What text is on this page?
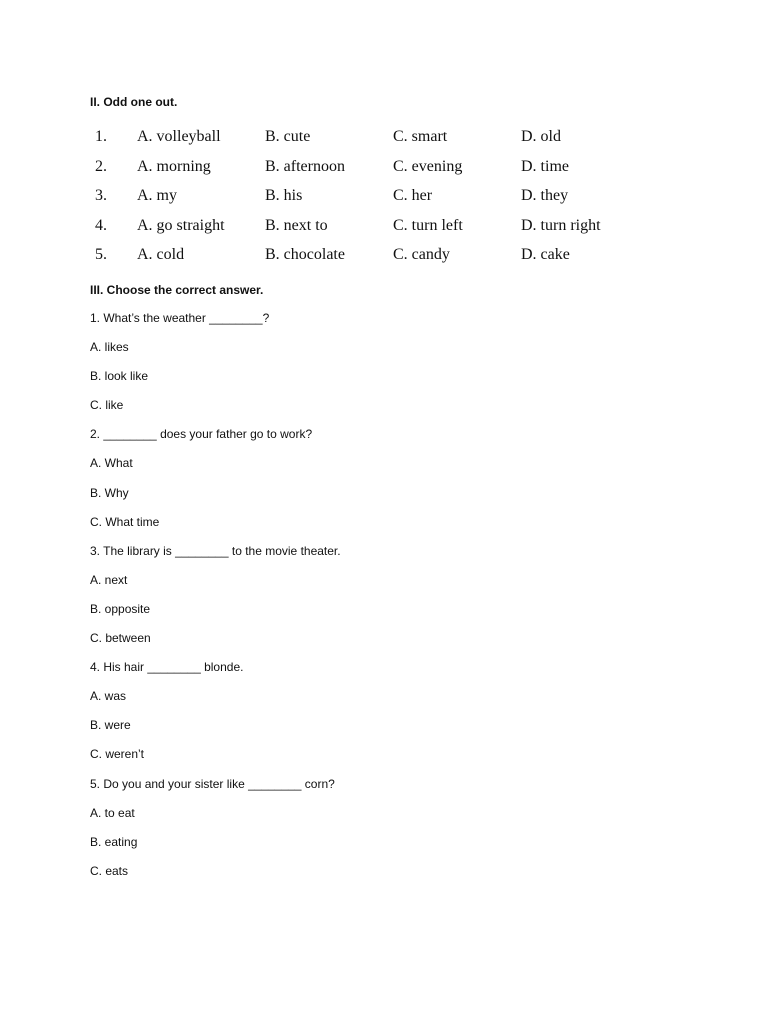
II. Odd one out.
1. A. volleyball	B. cute	C. smart	D. old
2. A. morning	B. afternoon	C. evening	D. time
3. A. my	B. his	C. her	D. they
4. A. go straight	B. next to	C. turn left	D. turn right
5. A. cold	B. chocolate	C. candy	D. cake
III. Choose the correct answer.
1. What’s the weather ________?
A. likes
B. look like
C. like
2. ________ does your father go to work?
A. What
B. Why
C. What time
3. The library is ________ to the movie theater.
A. next
B. opposite
C. between
4. His hair ________ blonde.
A. was
B. were
C. weren’t
5. Do you and your sister like ________ corn?
A. to eat
B. eating
C. eats
